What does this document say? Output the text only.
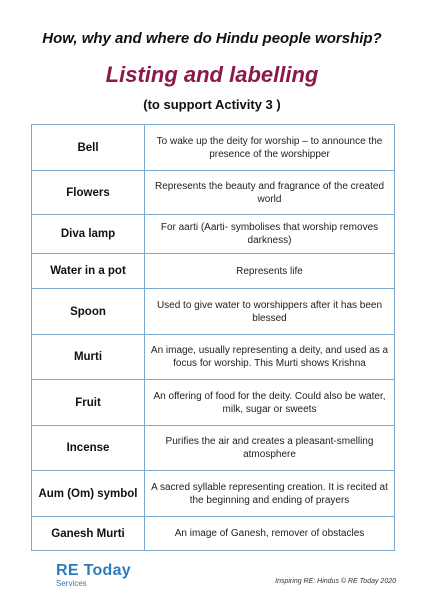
How, why and where do Hindu people worship?
Listing and labelling
(to support Activity 3 )
Bell	To wake up the deity for worship – to announce the presence of the worshipper
Flowers	Represents the beauty and fragrance of the created world
Diva lamp	For aarti (Aarti- symbolises that worship removes darkness)
Water in a pot	Represents life
Spoon	Used to give water to worshippers after it has been blessed
Murti	An image, usually representing a deity, and used as a focus for worship. This Murti shows Krishna
Fruit	An offering of food for the deity. Could also be water, milk, sugar or sweets
Incense	Purifies the air and creates a pleasant-smelling atmosphere
Aum (Om) symbol	A sacred syllable representing creation. It is recited at the beginning and ending of prayers
Ganesh Murti	An image of Ganesh, remover of obstacles
RE Today
Services	Inspiring RE: Hindus © RE Today 2020
